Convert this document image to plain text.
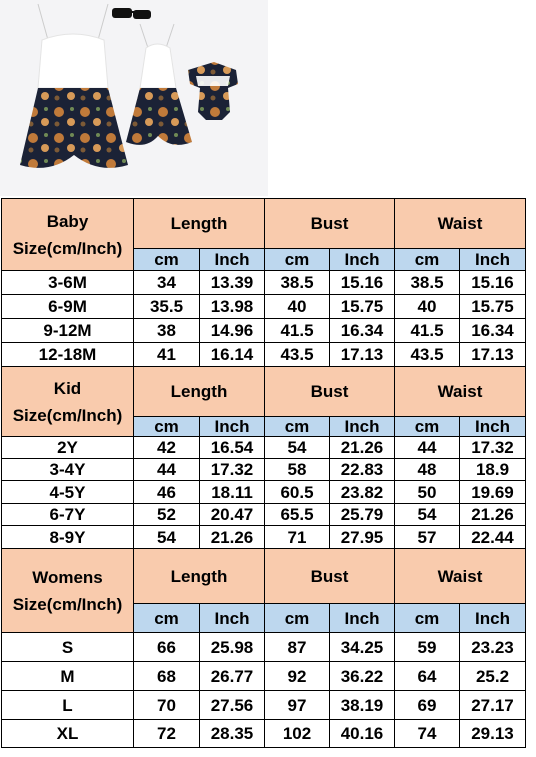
Baby
Size(cm/Inch)	Length		Bust		Waist	
	cm	Inch	cm	Inch	cm	Inch
3-6M	34	13.39	38.5	15.16	38.5	15.16
6-9M	35.5	13.98	40	15.75	40	15.75
9-12M	38	14.96	41.5	16.34	41.5	16.34
12-18M	41	16.14	43.5	17.13	43.5	17.13

Kid
Size(cm/Inch)	Length		Bust		Waist	
	cm	Inch	cm	Inch	cm	Inch
2Y	42	16.54	54	21.26	44	17.32
3-4Y	44	17.32	58	22.83	48	18.9
4-5Y	46	18.11	60.5	23.82	50	19.69
6-7Y	52	20.47	65.5	25.79	54	21.26
8-9Y	54	21.26	71	27.95	57	22.44

Womens
Size(cm/Inch)	Length		Bust		Waist	
	cm	Inch	cm	Inch	cm	Inch
S	66	25.98	87	34.25	59	23.23
M	68	26.77	92	36.22	64	25.2
L	70	27.56	97	38.19	69	27.17
XL	72	28.35	102	40.16	74	29.13
